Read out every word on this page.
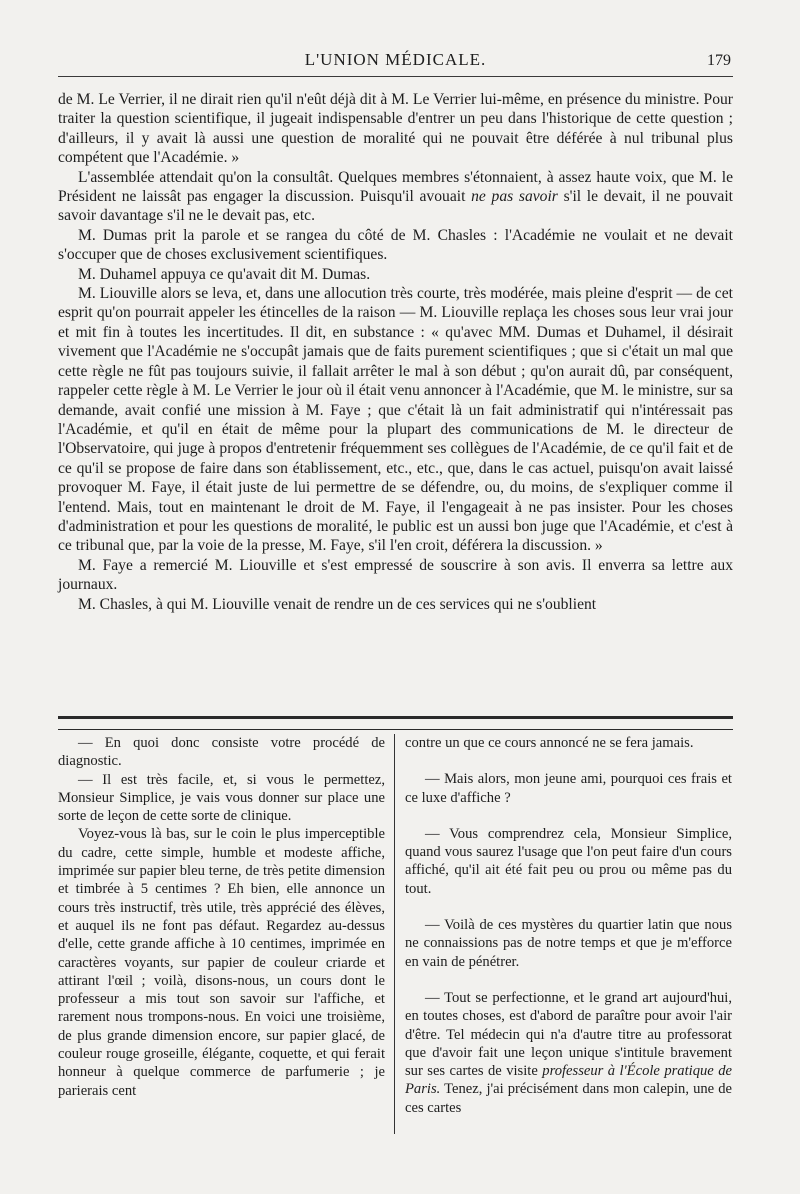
L'UNION MÉDICALE.	179

de M. Le Verrier, il ne dirait rien qu'il n'eût déjà dit à M. Le Verrier lui-même, en présence du ministre. Pour traiter la question scientifique, il jugeait indispensable d'entrer un peu dans l'historique de cette question ; d'ailleurs, il y avait là aussi une question de moralité qui ne pouvait être déférée à nul tribunal plus compétent que l'Académie. »

L'assemblée attendait qu'on la consultât. Quelques membres s'étonnaient, à assez haute voix, que M. le Président ne laissât pas engager la discussion. Puisqu'il avouait ne pas savoir s'il le devait, il ne pouvait savoir davantage s'il ne le devait pas, etc.

M. Dumas prit la parole et se rangea du côté de M. Chasles : l'Académie ne voulait et ne devait s'occuper que de choses exclusivement scientifiques.

M. Duhamel appuya ce qu'avait dit M. Dumas.

M. Liouville alors se leva, et, dans une allocution très courte, très modérée, mais pleine d'esprit — de cet esprit qu'on pourrait appeler les étincelles de la raison — M. Liouville replaça les choses sous leur vrai jour et mit fin à toutes les incertitudes. Il dit, en substance : « qu'avec MM. Dumas et Duhamel, il désirait vivement que l'Académie ne s'occupât jamais que de faits purement scientifiques ; que si c'était un mal que cette règle ne fût pas toujours suivie, il fallait arrêter le mal à son début ; qu'on aurait dû, par conséquent, rappeler cette règle à M. Le Verrier le jour où il était venu annoncer à l'Académie, que M. le ministre, sur sa demande, avait confié une mission à M. Faye ; que c'était là un fait administratif qui n'intéressait pas l'Académie, et qu'il en était de même pour la plupart des communications de M. le directeur de l'Observatoire, qui juge à propos d'entretenir fréquemment ses collègues de l'Académie, de ce qu'il fait et de ce qu'il se propose de faire dans son établissement, etc., etc., que, dans le cas actuel, puisqu'on avait laissé provoquer M. Faye, il était juste de lui permettre de se défendre, ou, du moins, de s'expliquer comme il l'entend. Mais, tout en maintenant le droit de M. Faye, il l'engageait à ne pas insister. Pour les choses d'administration et pour les questions de moralité, le public est un aussi bon juge que l'Académie, et c'est à ce tribunal que, par la voie de la presse, M. Faye, s'il l'en croit, déférera la discussion. »

M. Faye a remercié M. Liouville et s'est empressé de souscrire à son avis. Il enverra sa lettre aux journaux.

M. Chasles, à qui M. Liouville venait de rendre un de ces services qui ne s'oublient

— En quoi donc consiste votre procédé de diagnostic.

— Il est très facile, et, si vous le permettez, Monsieur Simplice, je vais vous donner sur place une sorte de leçon de cette sorte de clinique.

Voyez-vous là bas, sur le coin le plus imperceptible du cadre, cette simple, humble et modeste affiche, imprimée sur papier bleu terne, de très petite dimension et timbrée à 5 centimes ? Eh bien, elle annonce un cours très instructif, très utile, très apprécié des élèves, et auquel ils ne font pas défaut. Regardez au-dessus d'elle, cette grande affiche à 10 centimes, imprimée en caractères voyants, sur papier de couleur criarde et attirant l'œil ; voilà, disons-nous, un cours dont le professeur a mis tout son savoir sur l'affiche, et rarement nous trompons-nous. En voici une troisième, de plus grande dimension encore, sur papier glacé, de couleur rouge groseille, élégante, coquette, et qui ferait honneur à quelque commerce de parfumerie ; je parierais cent

contre un que ce cours annoncé ne se fera jamais.

— Mais alors, mon jeune ami, pourquoi ces frais et ce luxe d'affiche ?

— Vous comprendrez cela, Monsieur Simplice, quand vous saurez l'usage que l'on peut faire d'un cours affiché, qu'il ait été fait peu ou prou ou même pas du tout.

— Voilà de ces mystères du quartier latin que nous ne connaissions pas de notre temps et que je m'efforce en vain de pénétrer.

— Tout se perfectionne, et le grand art aujourd'hui, en toutes choses, est d'abord de paraître pour avoir l'air d'être. Tel médecin qui n'a d'autre titre au professorat que d'avoir fait une leçon unique s'intitule bravement sur ses cartes de visite professeur à l'École pratique de Paris. Tenez, j'ai précisément dans mon calepin, une de ces cartes
